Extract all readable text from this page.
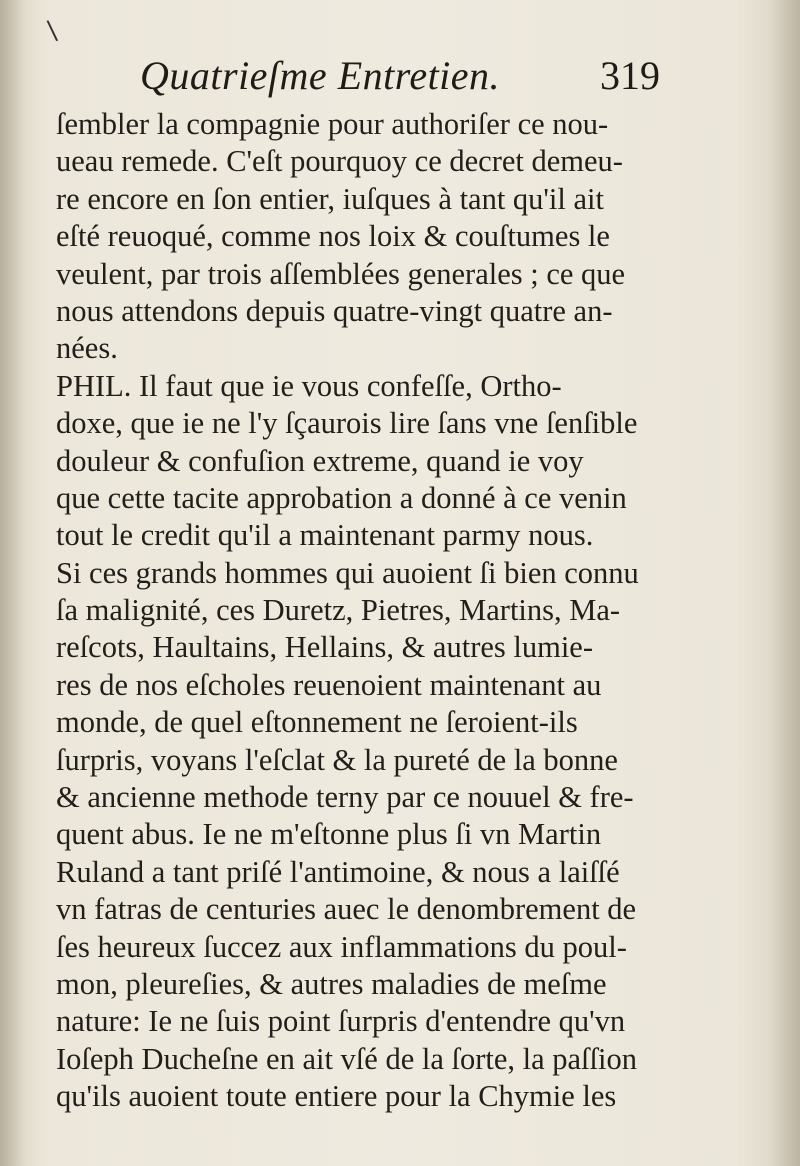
\
Quatrieſme Entretien. 319
ſembler la compagnie pour authoriſer ce nou-
ueau remede. C'eſt pourquoy ce decret demeu-
re encore en ſon entier, iuſques à tant qu'il ait
eſté reuoqué, comme nos loix & couſtumes le
veulent, par trois aſſemblées generales ; ce que
nous attendons depuis quatre-vingt quatre an-
nées.
PHIL. Il faut que ie vous confeſſe, Ortho-
doxe, que ie ne l'y ſçaurois lire ſans vne ſenſible
douleur & confuſion extreme, quand ie voy
que cette tacite approbation a donné à ce venin
tout le credit qu'il a maintenant parmy nous.
Si ces grands hommes qui auoient ſi bien connu
ſa malignité, ces Duretz, Pietres, Martins, Ma-
reſcots, Haultains, Hellains, & autres lumie-
res de nos eſcholes reuenoient maintenant au
monde, de quel eſtonnement ne ſeroient-ils
ſurpris, voyans l'eſclat & la pureté de la bonne
& ancienne methode terny par ce nouuel & fre-
quent abus. Ie ne m'eſtonne plus ſi vn Martin
Ruland a tant priſé l'antimoine, & nous a laiſſé
vn fatras de centuries auec le denombrement de
ſes heureux ſuccez aux inflammations du poul-
mon, pleureſies, & autres maladies de meſme
nature: Ie ne ſuis point ſurpris d'entendre qu'vn
Ioſeph Ducheſne en ait vſé de la ſorte, la paſſion
qu'ils auoient toute entiere pour la Chymie les
